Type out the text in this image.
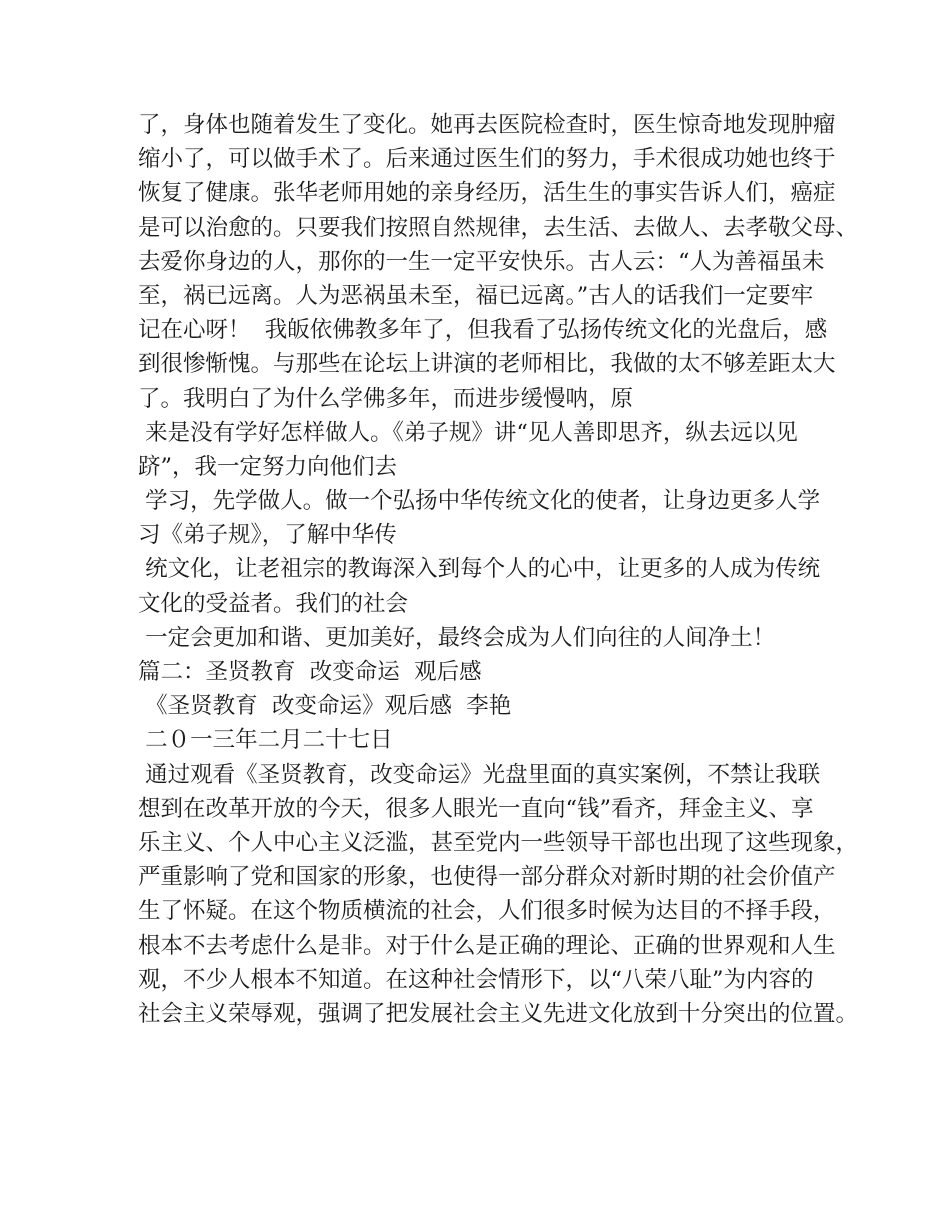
了，身体也随着发生了变化。她再去医院检查时，医生惊奇地发现肿瘤
缩小了，可以做手术了。后来通过医生们的努力，手术很成功她也终于
恢复了健康。张华老师用她的亲身经历，活生生的事实告诉人们，癌症
是可以治愈的。只要我们按照自然规律，去生活、去做人、去孝敬父母、
去爱你身边的人，那你的一生一定平安快乐。古人云：“人为善福虽未
至，祸已远离。人为恶祸虽未至，福已远离。”古人的话我们一定要牢
记在心呀！  我皈依佛教多年了，但我看了弘扬传统文化的光盘后，感
到很惨惭愧。与那些在论坛上讲演的老师相比，我做的太不够差距太大
了。我明白了为什么学佛多年，而进步缓慢呐，原
来是没有学好怎样做人。《弟子规》讲“见人善即思齐，纵去远以见
跻”，我一定努力向他们去
学习，先学做人。做一个弘扬中华传统文化的使者，让身边更多人学
习《弟子规》，了解中华传
统文化，让老祖宗的教诲深入到每个人的心中，让更多的人成为传统
文化的受益者。我们的社会
一定会更加和谐、更加美好，最终会成为人们向往的人间净土！
篇二：圣贤教育  改变命运  观后感
《圣贤教育  改变命运》观后感  李艳
二０一三年二月二十七日
通过观看《圣贤教育，改变命运》光盘里面的真实案例，不禁让我联
想到在改革开放的今天，很多人眼光一直向“钱”看齐，拜金主义、享
乐主义、个人中心主义泛滥，甚至党内一些领导干部也出现了这些现象，
严重影响了党和国家的形象，也使得一部分群众对新时期的社会价值产
生了怀疑。在这个物质横流的社会，人们很多时候为达目的不择手段，
根本不去考虑什么是非。对于什么是正确的理论、正确的世界观和人生
观，不少人根本不知道。在这种社会情形下，以“八荣八耻”为内容的
社会主义荣辱观，强调了把发展社会主义先进文化放到十分突出的位置。
